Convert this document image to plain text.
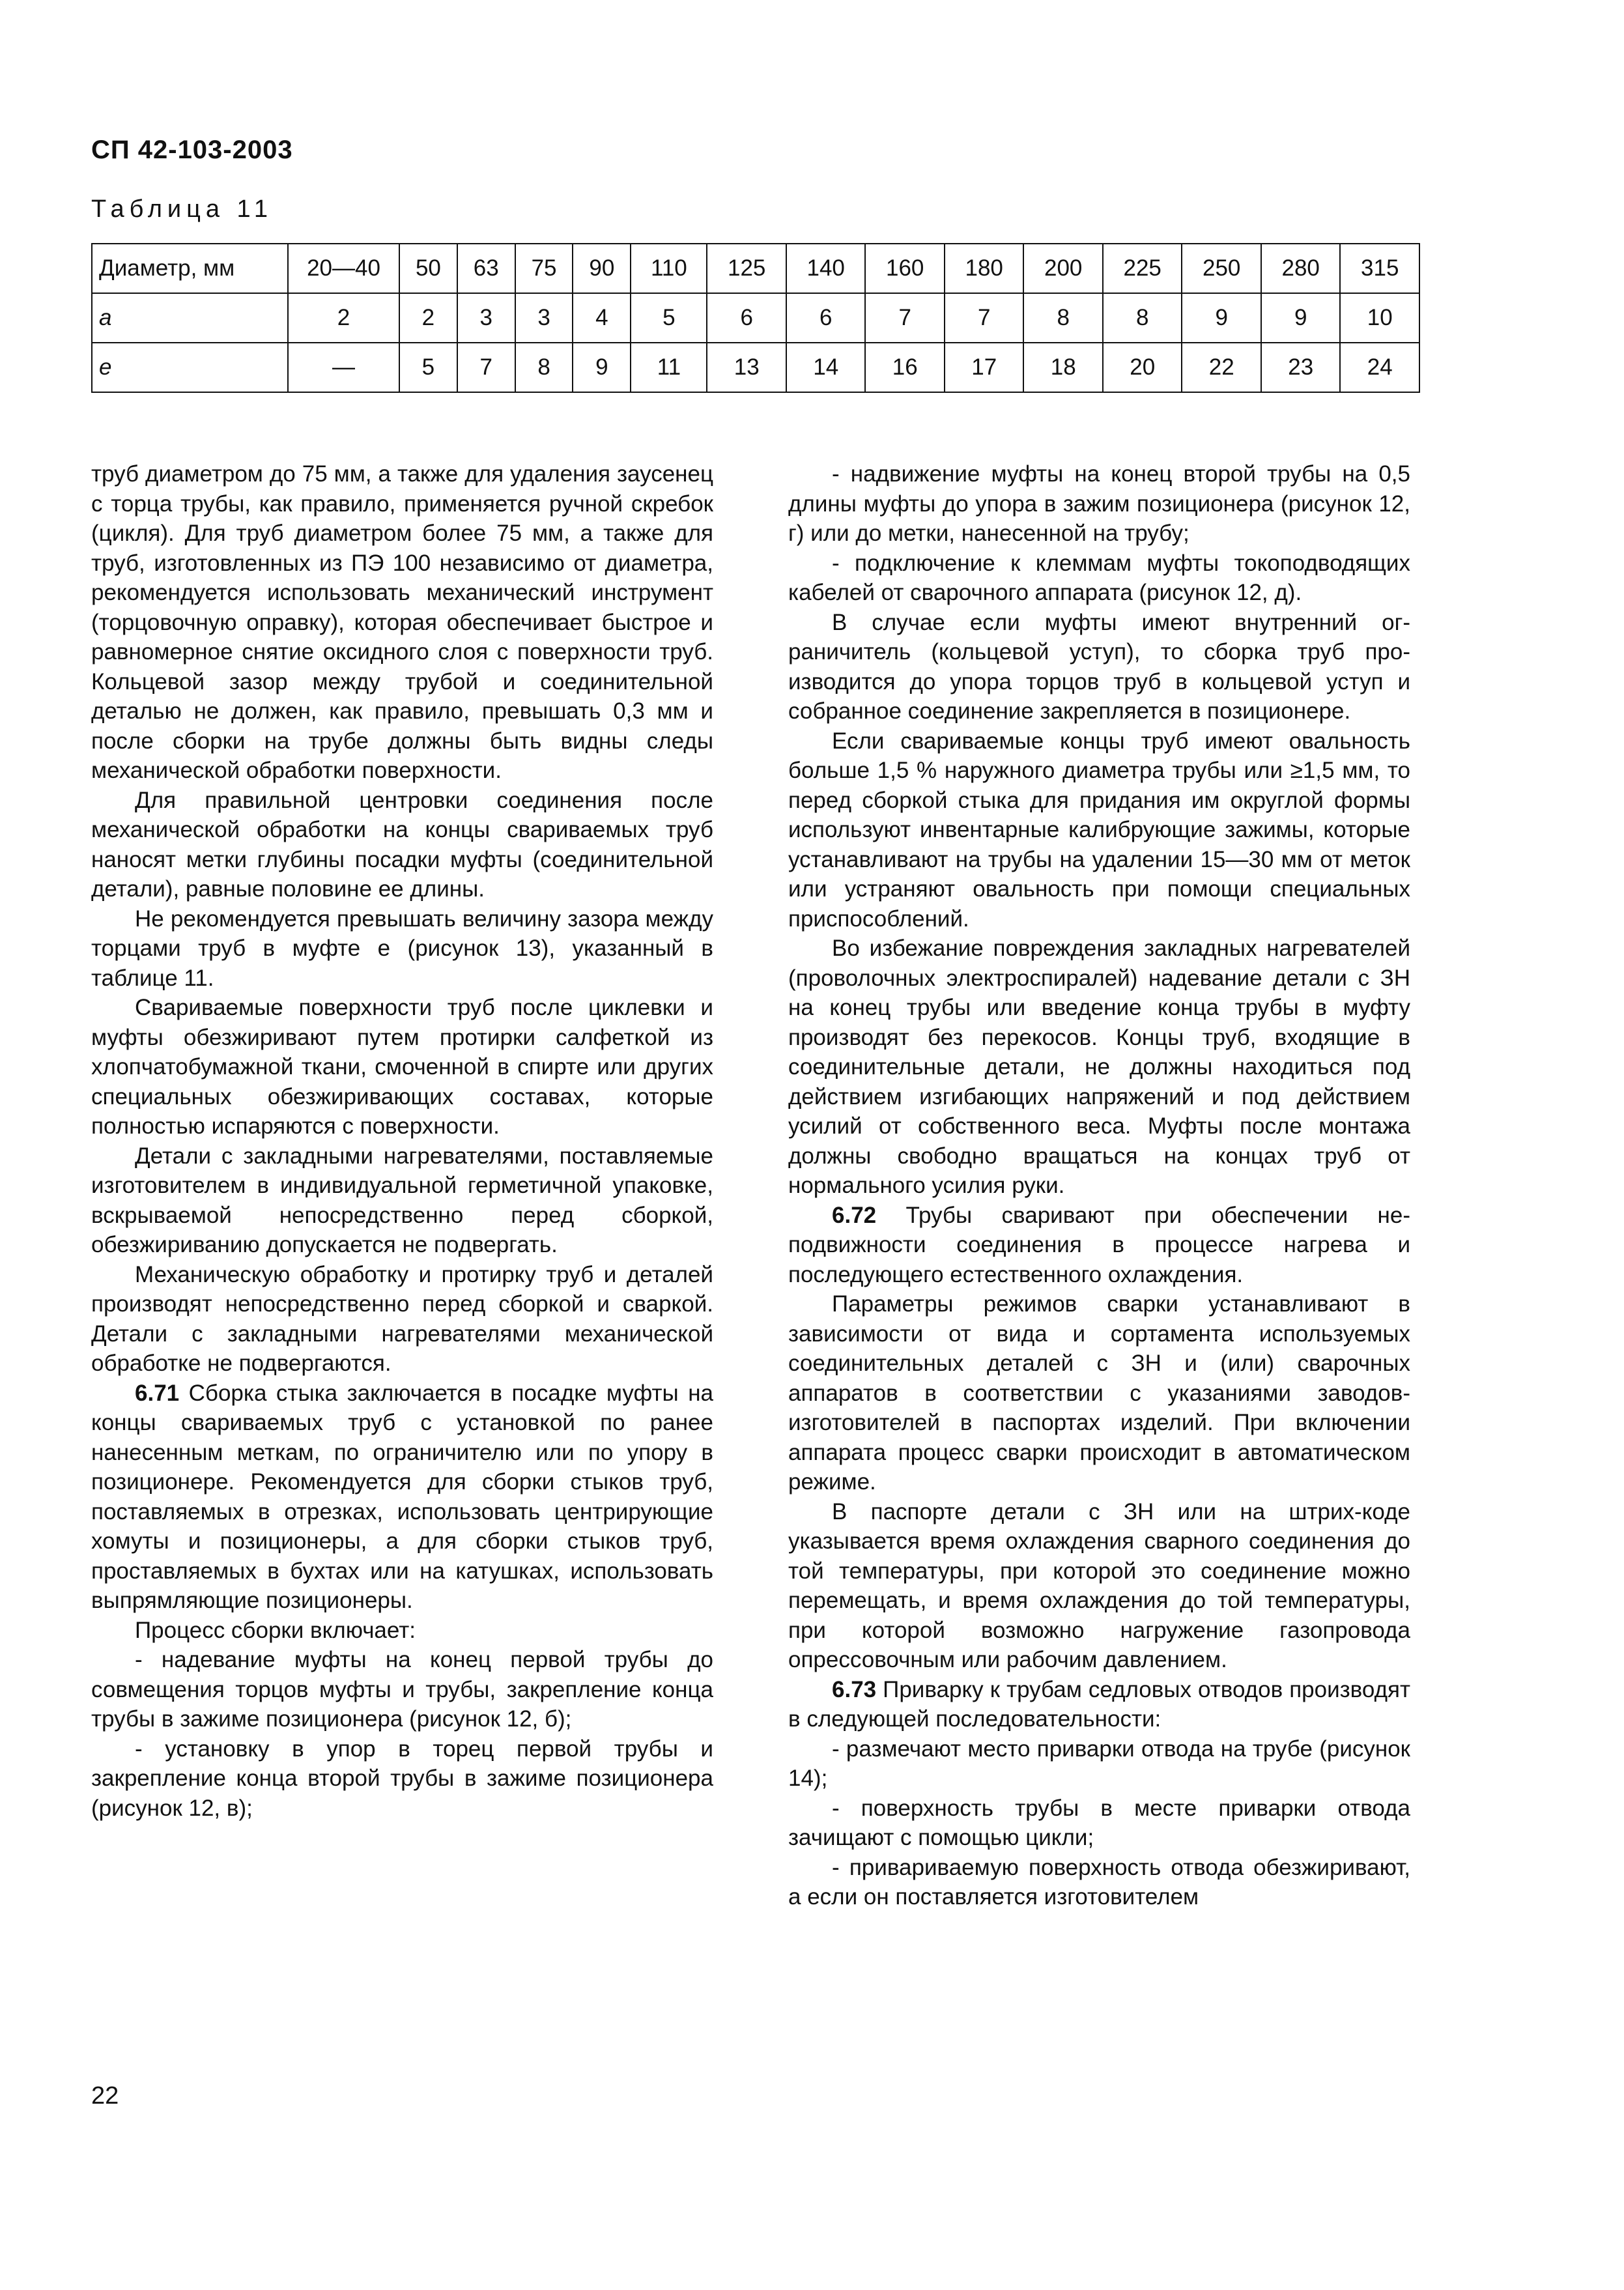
СП 42-103-2003
Таблица 11
Диаметр, мм	20—40	50	63	75	90	110	125	140	160	180	200	225	250	280	315
a	2	2	3	3	4	5	6	6	7	7	8	8	9	9	10
e	—	5	7	8	9	11	13	14	16	17	18	20	22	23	24

труб диаметром до 75 мм, а также для удаления заусенец с торца трубы, как правило, применяется ручной скребок (цикля). Для труб диаметром более 75 мм, а также для труб, изготовленных из ПЭ 100 независимо от диаметра, рекомендуется использовать механический инструмент (торцовочную оправку), которая обеспечивает быстрое и равномерное снятие оксидного слоя с поверхности труб. Кольцевой зазор между трубой и соединительной деталью не должен, как правило, превышать 0,3 мм и после сборки на трубе должны быть видны следы механической обработки поверхности.

Для правильной центровки соединения после механической обработки на концы свариваемых труб наносят метки глубины посадки муфты (соединительной детали), равные половине ее длины.

Не рекомендуется превышать величину зазора между торцами труб в муфте е (рисунок 13), указанный в таблице 11.

Свариваемые поверхности труб после циклевки и муфты обезжиривают путем протирки салфеткой из хлопчатобумажной ткани, смоченной в спирте или других специальных обезжиривающих составах, которые полностью испаряются с поверхности.

Детали с закладными нагревателями, поставляемые изготовителем в индивидуальной герметичной упаковке, вскрываемой непосредственно перед сборкой, обезжириванию допускается не подвергать.

Механическую обработку и протирку труб и деталей производят непосредственно перед сборкой и сваркой. Детали с закладными нагревателями механической обработке не подвергаются.

6.71 Сборка стыка заключается в посадке муфты на концы свариваемых труб с установкой по ранее нанесенным меткам, по ограничителю или по упору в позиционере. Рекомендуется для сборки стыков труб, поставляемых в отрезках, использовать центрирующие хомуты и позиционеры, а для сборки стыков труб, проставляемых в бухтах или на катушках, использовать выпрямляющие позиционеры.

Процесс сборки включает:

- надевание муфты на конец первой трубы до совмещения торцов муфты и трубы, закрепление конца трубы в зажиме позиционера (рисунок 12, б);

- установку в упор в торец первой трубы и закрепление конца второй трубы в зажиме позиционера (рисунок 12, в);

- надвижение муфты на конец второй трубы на 0,5 длины муфты до упора в зажим позиционера (рисунок 12, г) или до метки, нанесенной на трубу;

- подключение к клеммам муфты токоподводящих кабелей от сварочного аппарата (рисунок 12, д).

В случае если муфты имеют внутренний ограничитель (кольцевой уступ), то сборка труб производится до упора торцов труб в кольцевой уступ и собранное соединение закрепляется в позиционере.

Если свариваемые концы труб имеют овальность больше 1,5 % наружного диаметра трубы или ≥1,5 мм, то перед сборкой стыка для придания им округлой формы используют инвентарные калибрующие зажимы, которые устанавливают на трубы на удалении 15—30 мм от меток или устраняют овальность при помощи специальных приспособлений.

Во избежание повреждения закладных нагревателей (проволочных электроспиралей) надевание детали с ЗН на конец трубы или введение конца трубы в муфту производят без перекосов. Концы труб, входящие в соединительные детали, не должны находиться под действием изгибающих напряжений и под действием усилий от собственного веса. Муфты после монтажа должны свободно вращаться на концах труб от нормального усилия руки.

6.72 Трубы сваривают при обеспечении неподвижности соединения в процессе нагрева и последующего естественного охлаждения.

Параметры режимов сварки устанавливают в зависимости от вида и сортамента используемых соединительных деталей с ЗН и (или) сварочных аппаратов в соответствии с указаниями заводов-изготовителей в паспортах изделий. При включении аппарата процесс сварки происходит в автоматическом режиме.

В паспорте детали с ЗН или на штрих-коде указывается время охлаждения сварного соединения до той температуры, при которой это соединение можно перемещать, и время охлаждения до той температуры, при которой возможно нагружение газопровода опрессовочным или рабочим давлением.

6.73 Приварку к трубам седловых отводов производят в следующей последовательности:

- размечают место приварки отвода на трубе (рисунок 14);

- поверхность трубы в месте приварки отвода зачищают с помощью цикли;

- привариваемую поверхность отвода обезжиривают, а если он поставляется изготовителем

22
